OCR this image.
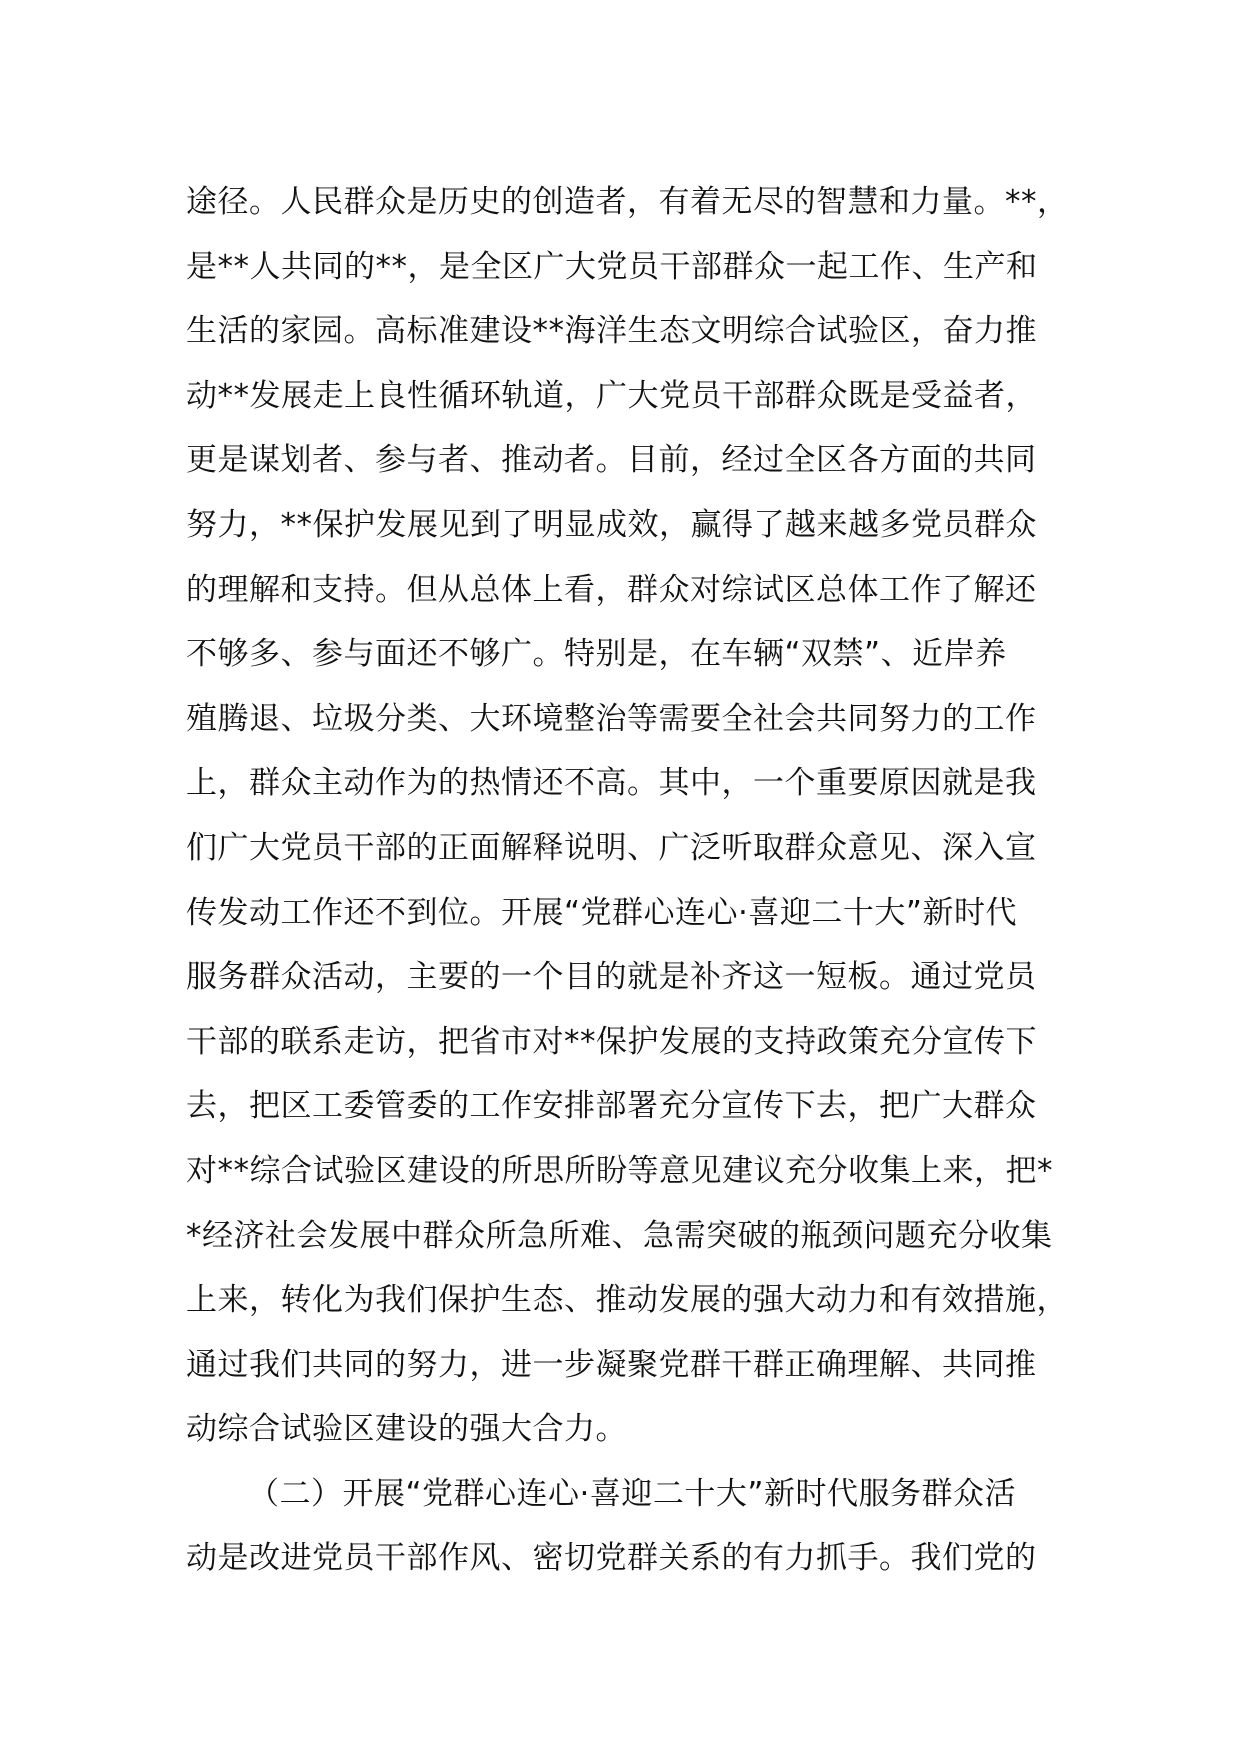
途径。人民群众是历史的创造者，有着无尽的智慧和力量。**，
是**人共同的**，是全区广大党员干部群众一起工作、生产和
生活的家园。高标准建设**海洋生态文明综合试验区，奋力推
动**发展走上良性循环轨道，广大党员干部群众既是受益者，
更是谋划者、参与者、推动者。目前，经过全区各方面的共同
努力，**保护发展见到了明显成效，赢得了越来越多党员群众
的理解和支持。但从总体上看，群众对综试区总体工作了解还
不够多、参与面还不够广。特别是，在车辆“双禁”、近岸养
殖腾退、垃圾分类、大环境整治等需要全社会共同努力的工作
上，群众主动作为的热情还不高。其中，一个重要原因就是我
们广大党员干部的正面解释说明、广泛听取群众意见、深入宣
传发动工作还不到位。开展“党群心连心·喜迎二十大”新时代
服务群众活动，主要的一个目的就是补齐这一短板。通过党员
干部的联系走访，把省市对**保护发展的支持政策充分宣传下
去，把区工委管委的工作安排部署充分宣传下去，把广大群众
对**综合试验区建设的所思所盼等意见建议充分收集上来，把*
*经济社会发展中群众所急所难、急需突破的瓶颈问题充分收集
上来，转化为我们保护生态、推动发展的强大动力和有效措施，
通过我们共同的努力，进一步凝聚党群干群正确理解、共同推
动综合试验区建设的强大合力。
（二）开展“党群心连心·喜迎二十大”新时代服务群众活
动是改进党员干部作风、密切党群关系的有力抓手。我们党的
